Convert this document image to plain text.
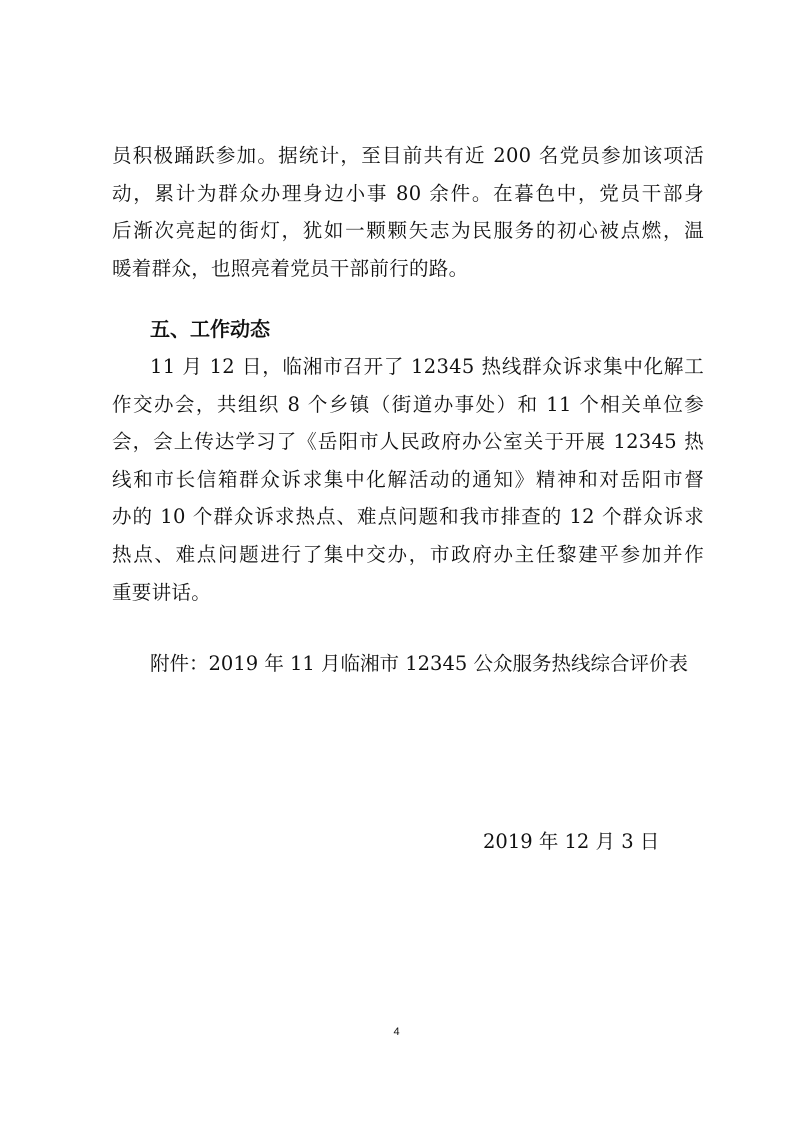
员积极踊跃参加。据统计，至目前共有近 200 名党员参加该项活
动，累计为群众办理身边小事 80 余件。在暮色中，党员干部身
后渐次亮起的街灯，犹如一颗颗矢志为民服务的初心被点燃，温
暖着群众，也照亮着党员干部前行的路。
五、工作动态
11 月 12 日，临湘市召开了 12345 热线群众诉求集中化解工
作交办会，共组织 8 个乡镇（街道办事处）和 11 个相关单位参
会，会上传达学习了《岳阳市人民政府办公室关于开展 12345 热
线和市长信箱群众诉求集中化解活动的通知》精神和对岳阳市督
办的 10 个群众诉求热点、难点问题和我市排查的 12 个群众诉求
热点、难点问题进行了集中交办，市政府办主任黎建平参加并作
重要讲话。
附件：2019 年 11 月临湘市 12345 公众服务热线综合评价表
2019 年 12 月 3 日
4
